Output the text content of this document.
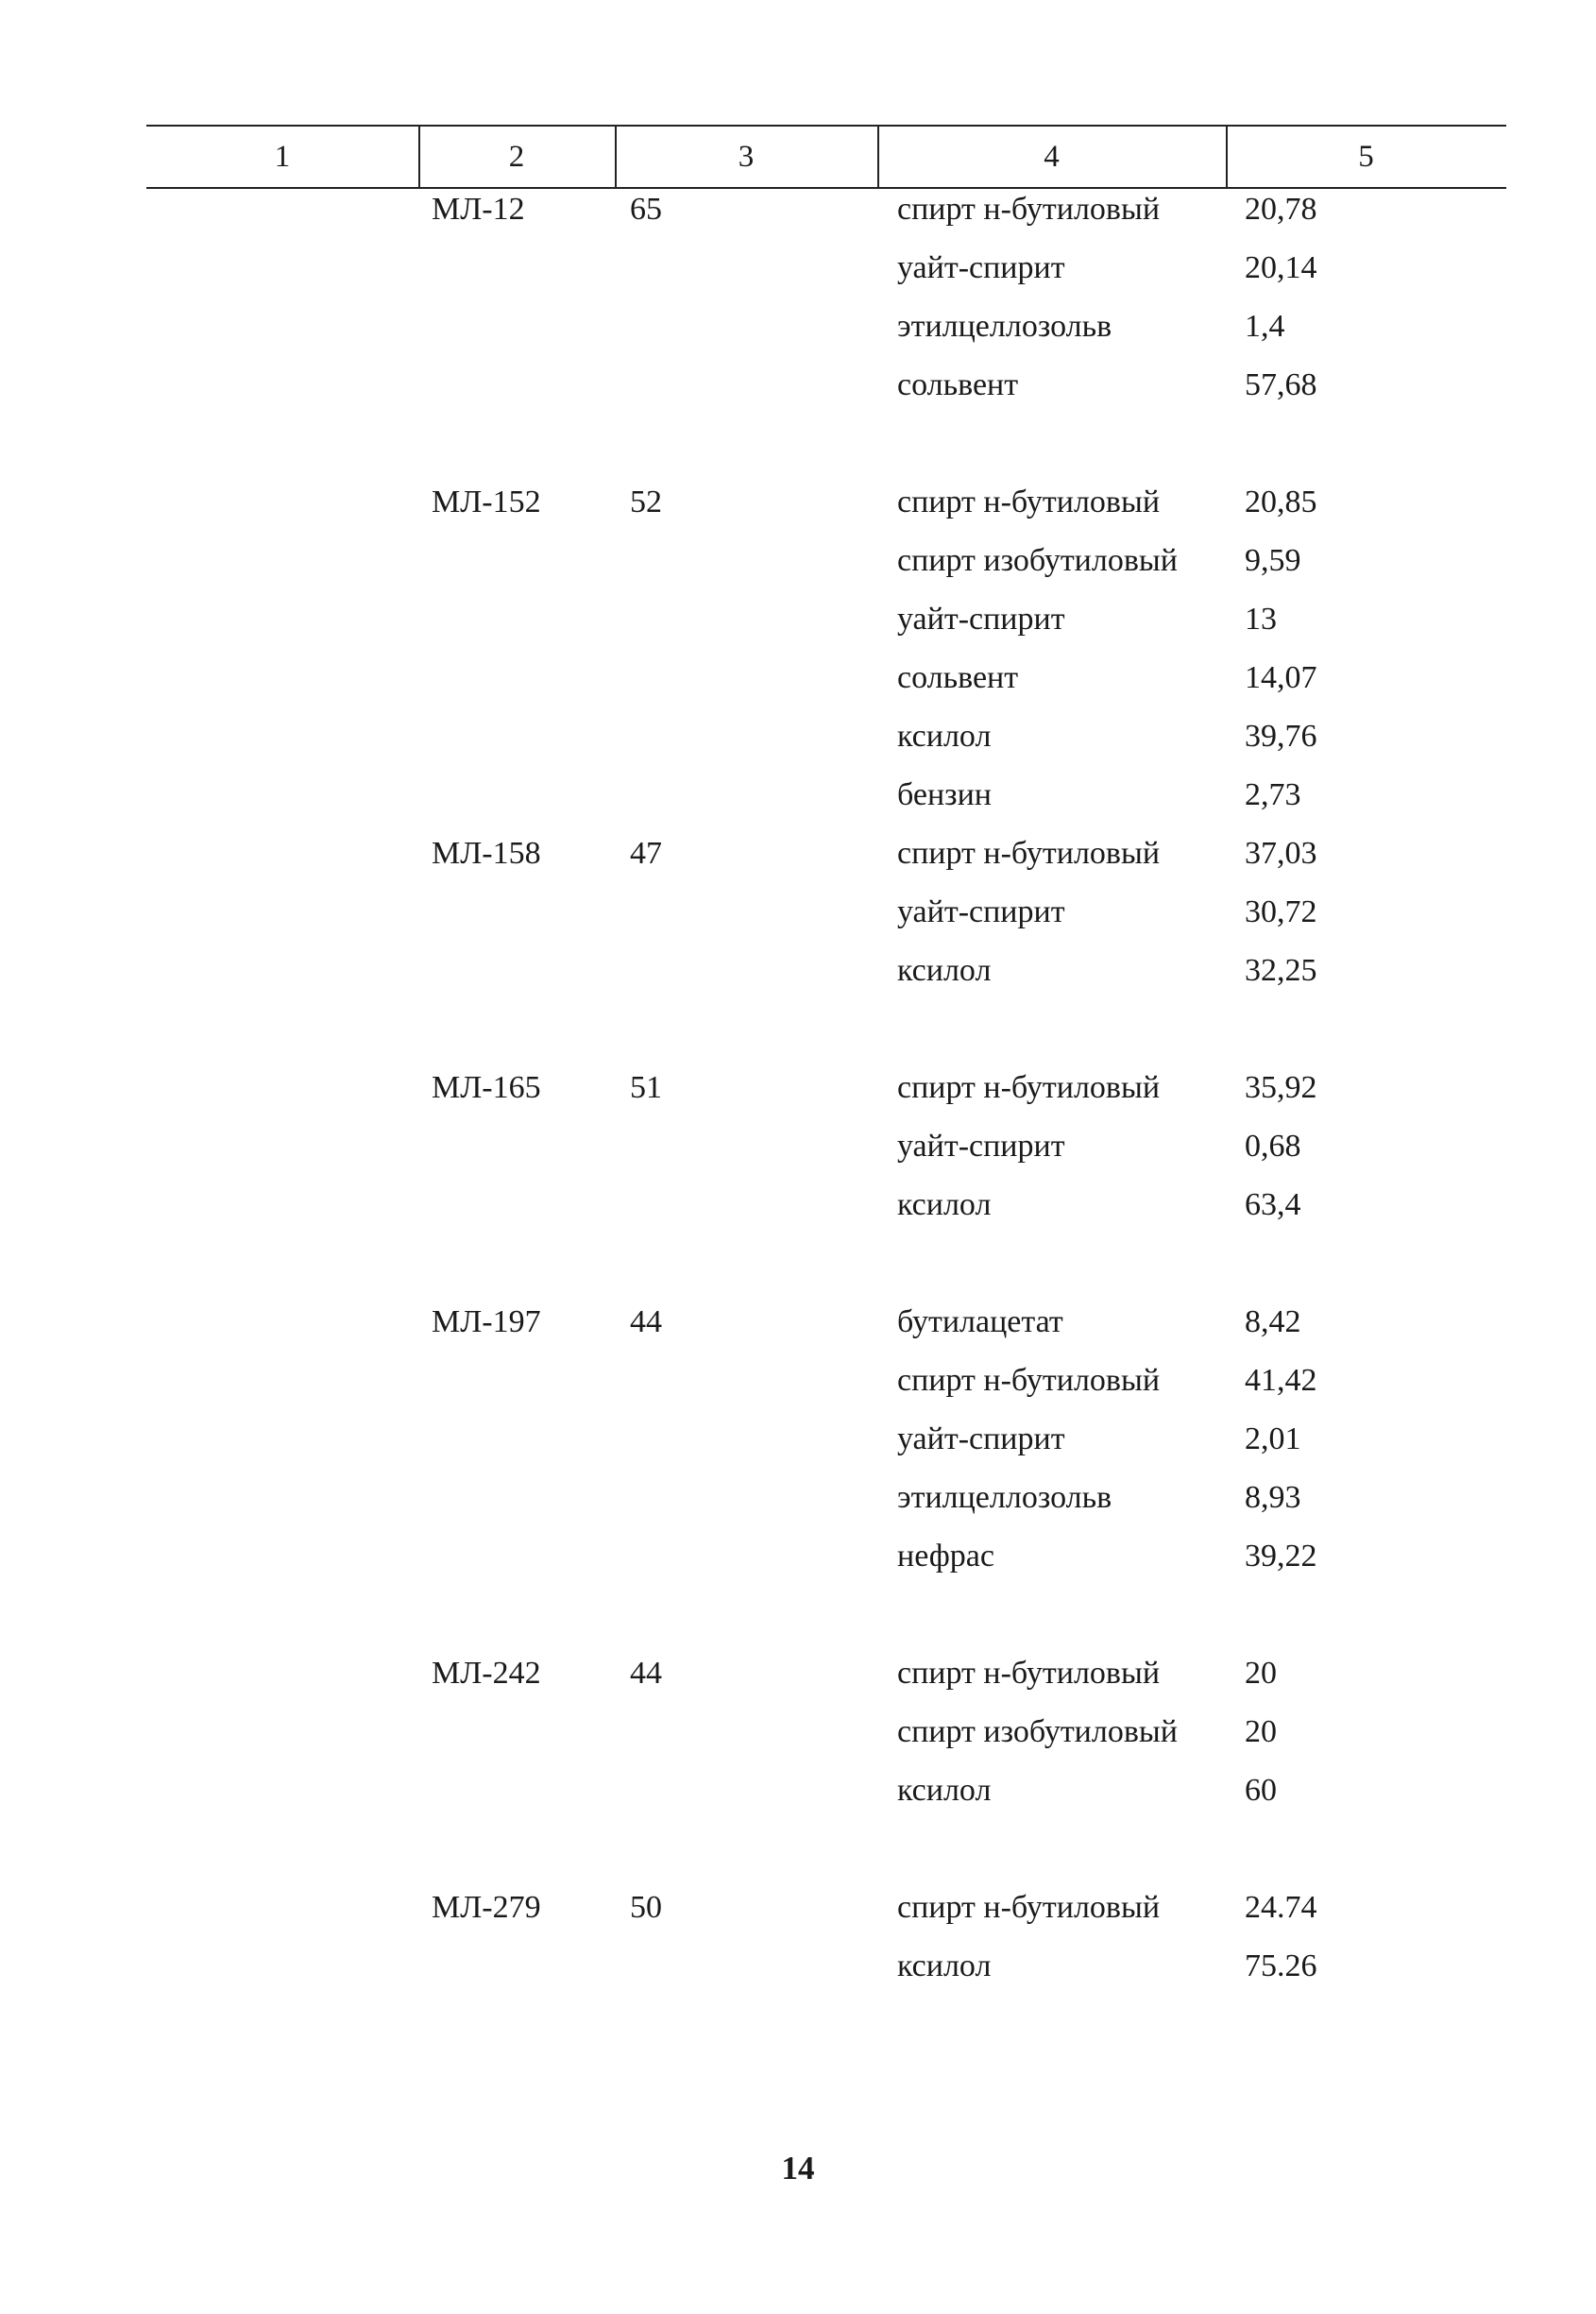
1	2	3	4	5
МЛ-12	65	спирт н-бутиловый	20,78
уайт-спирит	20,14
этилцеллозольв	1,4
сольвент	57,68
МЛ-152	52	спирт н-бутиловый	20,85
спирт изобутиловый 9,59
уайт-спирит	13
сольвент	14,07
ксилол	39,76
бензин	2,73
МЛ-158	47	спирт н-бутиловый	37,03
уайт-спирит	30,72
ксилол	32,25
МЛ-165	51	спирт н-бутиловый	35,92
уайт-спирит	0,68
ксилол	63,4
МЛ-197	44	бутилацетат	8,42
спирт н-бутиловый	41,42
уайт-спирит	2,01
этилцеллозольв	8,93
нефрас	39,22
МЛ-242	44	спирт н-бутиловый	20
спирт изобутиловый 20
ксилол	60
МЛ-279	50	спирт н-бутиловый	24.74
ксилол	75.26
14
